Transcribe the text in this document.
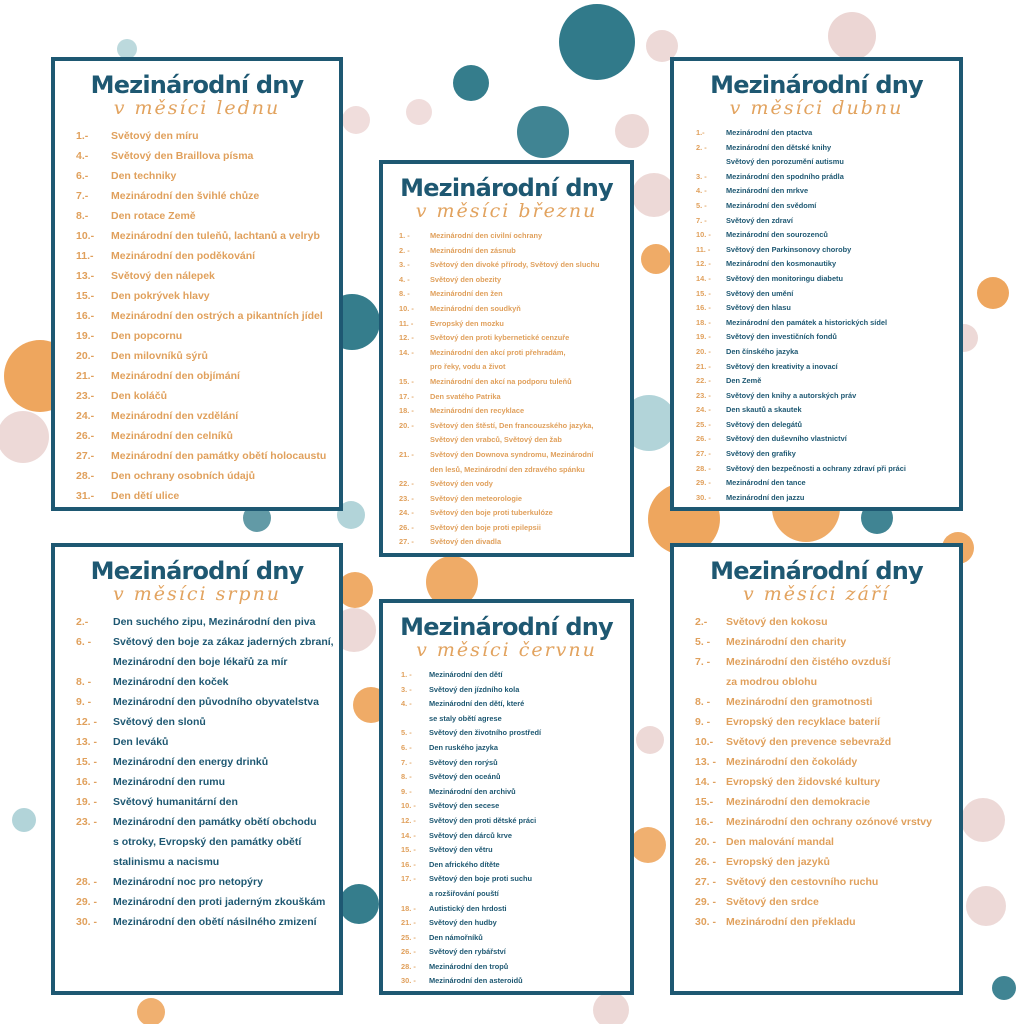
Mezinárodní dny
v měsíci lednu
1.-	Světový den míru
4.-	Světový den Braillova písma
6.-	Den techniky
7.-	Mezinárodní den švihlé chůze
8.-	Den rotace Země
10.-	Mezinárodní den tuleňů, lachtanů a velryb
11.-	Mezinárodní den poděkování
13.-	Světový den nálepek
15.-	Den pokrývek hlavy
16.-	Mezinárodní den ostrých a pikantních jídel
19.-	Den popcornu
20.-	Den milovníků sýrů
21.-	Mezinárodní den objímání
23.-	Den koláčů
24.-	Mezinárodní den vzdělání
26.-	Mezinárodní den celníků
27.-	Mezinárodní den památky obětí holocaustu
28.-	Den ochrany osobních údajů
31.-	Den dětí ulice
Mezinárodní dny
v měsíci březnu
1. -	Mezinárodní den civilní ochrany
2. -	Mezinárodní den zásnub
3. -	Světový den divoké přírody, Světový den sluchu
4. -	Světový den obezity
8. -	Mezinárodní den žen
10. -	Mezinárodní den soudkyň
11. -	Evropský den mozku
12. -	Světový den proti kybernetické cenzuře
14. -	Mezinárodní den akcí proti přehradám,
pro řeky, vodu a život
15. -	Mezinárodní den akcí na podporu tuleňů
17. -	Den svatého Patrika
18. -	Mezinárodní den recyklace
20. -	Světový den štěstí, Den francouzského jazyka,
Světový den vrabců, Světový den žab
21. -	Světový den Downova syndromu, Mezinárodní
den lesů, Mezinárodní den zdravého spánku
22. -	Světový den vody
23. -	Světový den meteorologie
24. -	Světový den boje proti tuberkulóze
26. -	Světový den boje proti epilepsii
27. -	Světový den divadla
30. -	Mezinárodní den nulového odpadu
Mezinárodní dny
v měsíci dubnu
1.-	Mezinárodní den ptactva
2. -	Mezinárodní den dětské knihy
Světový den porozumění autismu
3. -	Mezinárodní den spodního prádla
4. -	Mezinárodní den mrkve
5. -	Mezinárodní den svědomí
7. -	Světový den zdraví
10. -	Mezinárodní den sourozenců
11. -	Světový den Parkinsonovy choroby
12. -	Mezinárodní den kosmonautiky
14. -	Světový den monitoringu diabetu
15. -	Světový den umění
16. -	Světový den hlasu
18. -	Mezinárodní den památek a historických sídel
19. -	Světový den investičních fondů
20. -	Den čínského jazyka
21. -	Světový den kreativity a inovací
22. -	Den Země
23. -	Světový den knihy a autorských práv
24. -	Den skautů a skautek
25. -	Světový den delegátů
26. -	Světový den duševního vlastnictví
27. -	Světový den grafiky
28. -	Světový den bezpečnosti a ochrany zdraví při práci
29. -	Mezinárodní den tance
30. -	Mezinárodní den jazzu
Mezinárodní dny
v měsíci srpnu
2.-	Den suchého zipu, Mezinárodní den piva
6. -	Světový den boje za zákaz jaderných zbraní,
Mezinárodní den boje lékařů za mír
8. -	Mezinárodní den koček
9. -	Mezinárodní den původního obyvatelstva
12. -	Světový den slonů
13. -	Den leváků
15. -	Mezinárodní den energy drinků
16. -	Mezinárodní den rumu
19. -	Světový humanitární den
23. -	Mezinárodní den památky obětí obchodu
s otroky, Evropský den památky obětí
stalinismu a nacismu
28. -	Mezinárodní noc pro netopýry
29. -	Mezinárodní den proti jaderným zkouškám
30. -	Mezinárodní den obětí násilného zmizení
Mezinárodní dny
v měsíci červnu
1. -	Mezinárodní den dětí
3. -	Světový den jízdního kola
4. -	Mezinárodní den dětí, které
se staly obětí agrese
5. -	Světový den životního prostředí
6. -	Den ruského jazyka
7. -	Světový den rorýsů
8. -	Světový den oceánů
9. -	Mezinárodní den archivů
10. -	Světový den secese
12. -	Světový den proti dětské práci
14. -	Světový den dárců krve
15. -	Světový den větru
16. -	Den afrického dítěte
17. -	Světový den boje proti suchu
a rozšiřování pouští
18. -	Autistický den hrdosti
21. -	Světový den hudby
25. -	Den námořníků
26. -	Světový den rybářství
28. -	Mezinárodní den tropů
30. -	Mezinárodní den asteroidů
Mezinárodní dny
v měsíci září
2.-	Světový den kokosu
5. -	Mezinárodní den charity
7. -	Mezinárodní den čistého ovzduší
za modrou oblohu
8. -	Mezinárodní den gramotnosti
9. -	Evropský den recyklace baterií
10.-	Světový den prevence sebevražd
13. - Mezinárodní den čokolády
14. - Evropský den židovské kultury
15.-	Mezinárodní den demokracie
16.-	Mezinárodní den ochrany ozónové vrstvy
20. - Den malování mandal
26. - Evropský den jazyků
27. - Světový den cestovního ruchu
29. - Světový den srdce
30. - Mezinárodní den překladu
